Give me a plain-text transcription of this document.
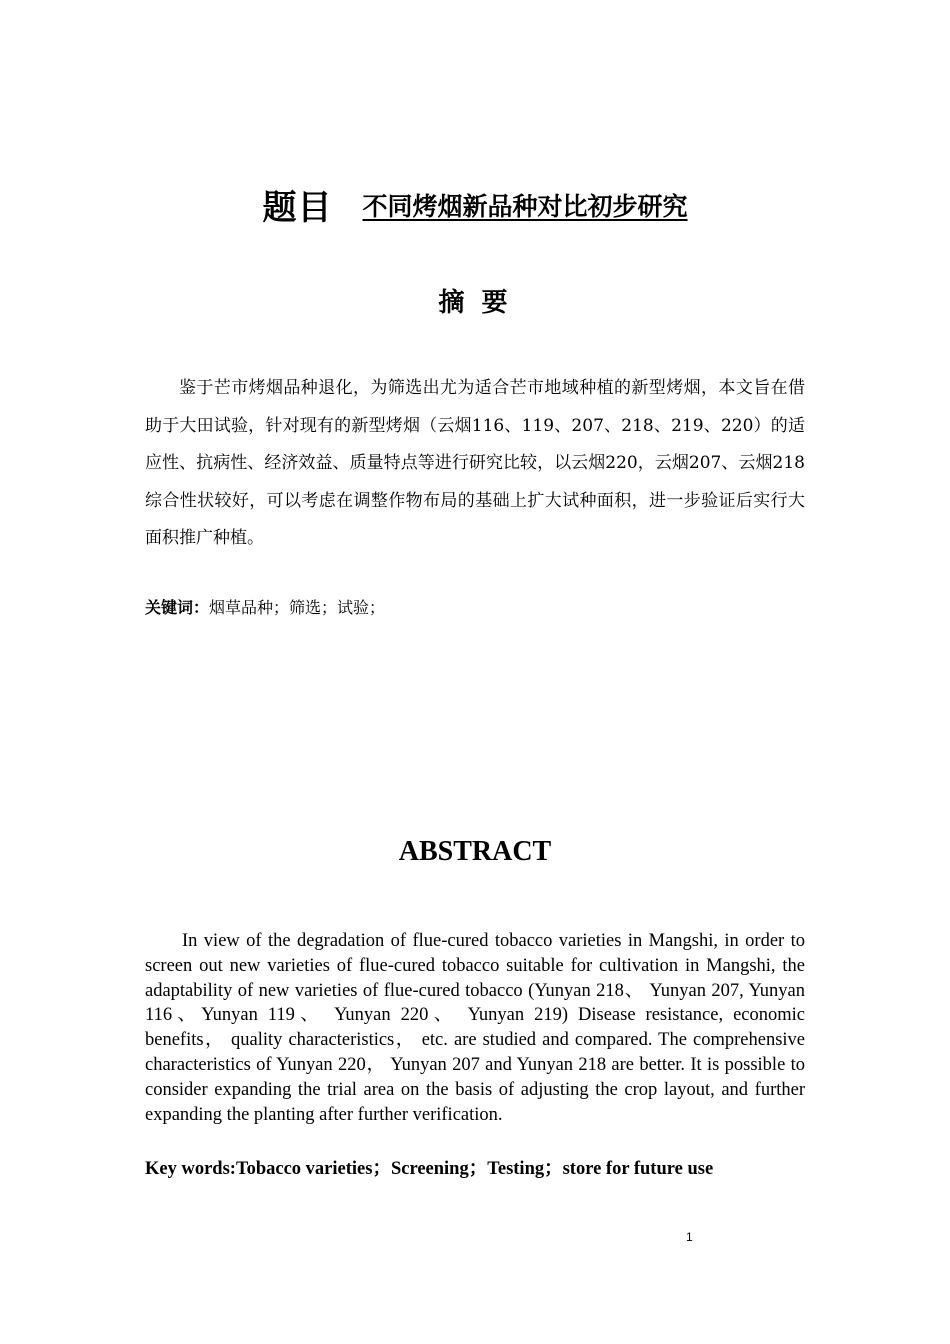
题目 不同烤烟新品种对比初步研究
摘 要

鉴于芒市烤烟品种退化，为筛选出尤为适合芒市地域种植的新型烤烟，本文旨在借助于大田试验，针对现有的新型烤烟（云烟116、119、207、218、219、220）的适应性、抗病性、经济效益、质量特点等进行研究比较，以云烟220，云烟207、云烟218综合性状较好，可以考虑在调整作物布局的基础上扩大试种面积，进一步验证后实行大面积推广种植。

关键词：烟草品种；筛选；试验；
ABSTRACT

In view of the degradation of flue-cured tobacco varieties in Mangshi, in order to screen out new varieties of flue-cured tobacco suitable for cultivation in Mangshi, the adaptability of new varieties of flue-cured tobacco (Yunyan 218、 Yunyan 207, Yunyan 116、Yunyan 119、 Yunyan 220、 Yunyan 219) Disease resistance, economic benefits， quality characteristics， etc. are studied and compared. The comprehensive characteristics of Yunyan 220， Yunyan 207 and Yunyan 218 are better. It is possible to consider expanding the trial area on the basis of adjusting the crop layout, and further expanding the planting after further verification.

Key words:Tobacco varieties；Screening；Testing；store for future use
1
